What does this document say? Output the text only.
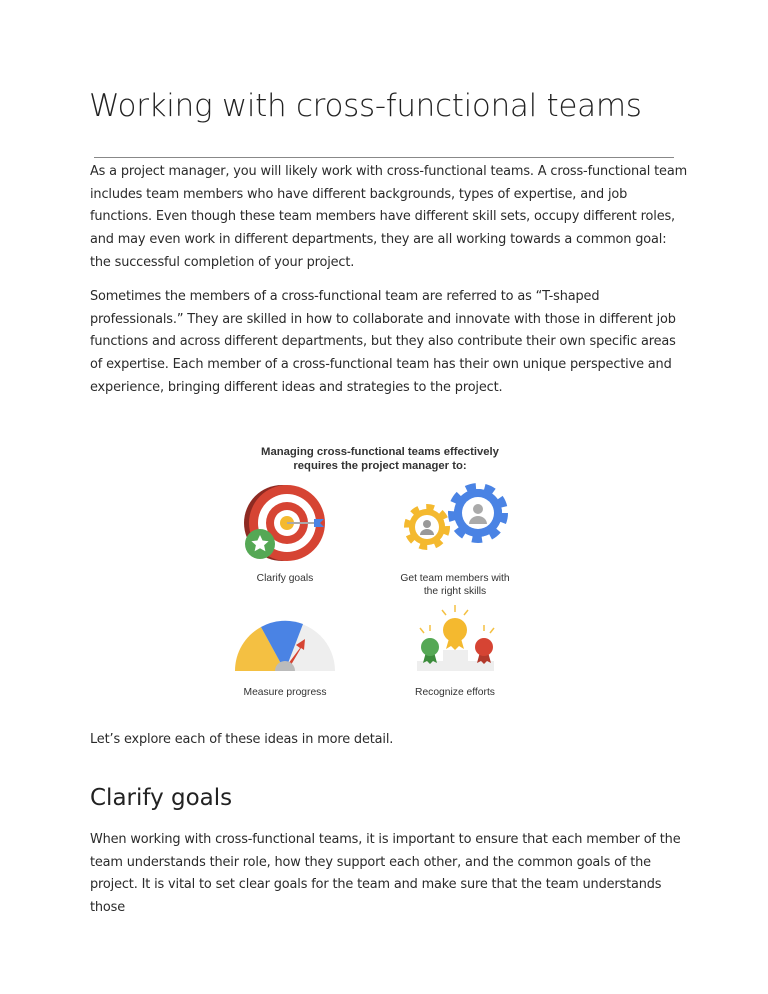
Working with cross-functional teams

As a project manager, you will likely work with cross-functional teams. A cross-functional team includes team members who have different backgrounds, types of expertise, and job functions. Even though these team members have different skill sets, occupy different roles, and may even work in different departments, they are all working towards a common goal: the successful completion of your project.

Sometimes the members of a cross-functional team are referred to as “T-shaped professionals.” They are skilled in how to collaborate and innovate with those in different job functions and across different departments, but they also contribute their own specific areas of expertise. Each member of a cross-functional team has their own unique perspective and experience, bringing different ideas and strategies to the project.

Managing cross-functional teams effectively
requires the project manager to:
Clarify goals	Get team members with
the right skills
Measure progress	Recognize efforts

Let’s explore each of these ideas in more detail.

Clarify goals

When working with cross-functional teams, it is important to ensure that each member of the team understands their role, how they support each other, and the common goals of the project. It is vital to set clear goals for the team and make sure that the team understands those
